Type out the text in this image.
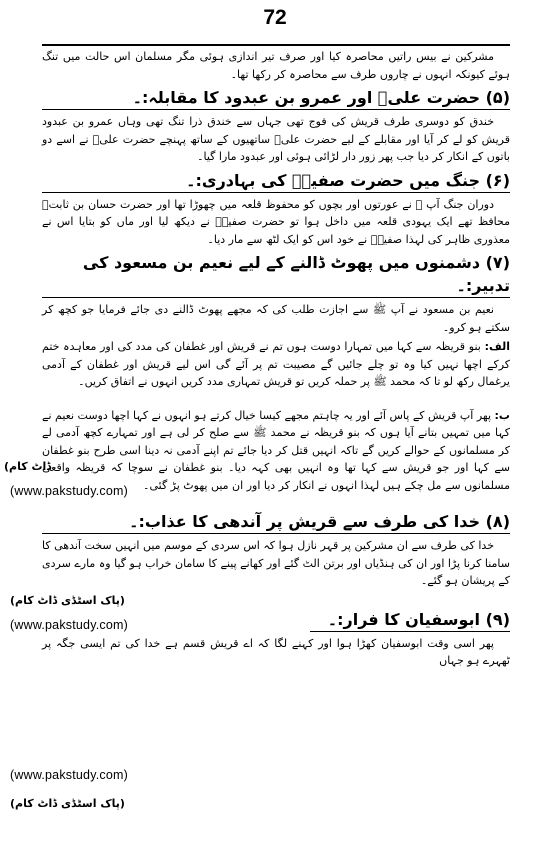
72

مشرکین نے بیس راتیں محاصرہ کیا اور صرف تیر اندازی ہوئی مگر مسلمان اس حالت میں تنگ ہوئے کیونکہ انہوں نے چاروں طرف سے محاصرہ کر رکھا تھا۔

(۵) حضرت علیؓ اور عمرو بن عبدود کا مقابلہ:۔

خندق کو دوسری طرف قریش کی فوج تھی جہاں سے خندق ذرا تنگ تھی وہاں عمرو بن عبدود قریش کو لے کر آیا اور مقابلے کے لیے حضرت علیؓ ساتھیوں کے ساتھ پہنچے حضرت علیؓ نے اسے دو باتوں کے انکار کر دیا جب پھر زور دار لڑائی ہوئی اور عبدود مارا گیا۔

(۶) جنگ میں حضرت صفیہؓ کی بہادری:۔

دوران جنگ آپ ﷺ نے عورتوں اور بچوں کو محفوظ قلعہ میں چھوڑا تھا اور حضرت حسان بن ثابتؓ محافظ تھے ایک یہودی قلعہ میں داخل ہوا تو حضرت صفیہؓ نے دیکھ لیا اور ماں کو بتایا اس نے معذوری ظاہر کی لہذا صفیہؓ نے خود اس کو ایک لٹھ سے مار دیا۔

(۷) دشمنوں میں پھوٹ ڈالنے کے لیے نعیم بن مسعود کی تدبیر:۔

نعیم بن مسعود نے آپ ﷺ سے اجازت طلب کی کہ مجھے پھوٹ ڈالنے دی جائے فرمایا جو کچھ کر سکتے ہو کرو۔

الف: بنو قریظہ سے کہا میں تمہارا دوست ہوں تم نے قریش اور غطفان کی مدد کی اور معاہدہ ختم کرکے اچھا نہیں کیا وہ تو چلے جائیں گے مصیبت تم پر آئے گی اس لیے قریش اور غطفان کے آدمی یرغمال رکھ لو تا کہ محمد ﷺ پر حملہ کریں تو قریش تمہاری مدد کریں انہوں نے اتفاق کریں۔

ب: پھر آپ قریش کے پاس آئے اور یہ چاہتم مجھے کیسا خیال کرتے ہو انہوں نے کہا اچھا دوست نعیم نے کہا میں تمہیں بتانے آیا ہوں کہ بنو قریظہ نے محمد ﷺ سے صلح کر لی ہے اور تمہارے کچھ آدمی لے کر مسلمانوں کے حوالے کریں گے تاکہ انہیں قتل کر دیا جائے تم اپنے آدمی نہ دینا اسی طرح بنو غطفان سے کہا اور جو قریش سے کہا تھا وہ انہیں بھی کہہ دیا۔ بنو غطفان نے سوچا کہ قریظہ واقعی مسلمانوں سے مل چکے ہیں لہذا انہوں نے انکار کر دیا اور ان میں پھوٹ پڑ گئی۔

(۸) خدا کی طرف سے قریش پر آندھی کا عذاب:۔

خدا کی طرف سے ان مشرکین پر قہر نازل ہوا کہ اس سردی کے موسم میں انہیں سخت آندھی کا سامنا کرنا پڑا اور ان کی ہنڈیاں اور برتن الٹ گئے اور کھانے پینے کا سامان خراب ہو گیا وہ مارے سردی کے پریشان ہو گئے۔

(۹) ابوسفیان کا فرار:۔

پھر اسی وقت ابوسفیان کھڑا ہوا اور کہنے لگا کہ اے قریش قسم ہے خدا کی تم ایسی جگہ پر ٹھہرے ہو جہاں

ڈاٹ کام)
(www.pakstudy.com)
(پاک اسٹڈی ڈاٹ کام)
(www.pakstudy.com)
(www.pakstudy.com)
(پاک اسٹڈی ڈاٹ کام)
